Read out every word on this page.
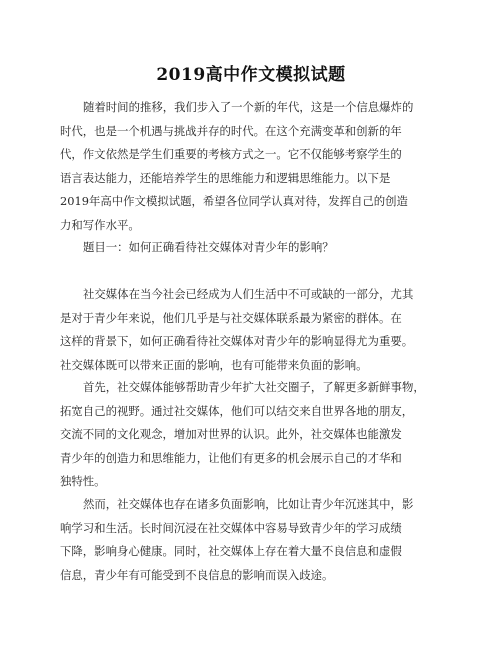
2019高中作文模拟试题
随着时间的推移，我们步入了一个新的年代，这是一个信息爆炸的
时代，也是一个机遇与挑战并存的时代。在这个充满变革和创新的年
代，作文依然是学生们重要的考核方式之一。它不仅能够考察学生的
语言表达能力，还能培养学生的思维能力和逻辑思维能力。以下是
2019年高中作文模拟试题，希望各位同学认真对待，发挥自己的创造
力和写作水平。
题目一：如何正确看待社交媒体对青少年的影响？
社交媒体在当今社会已经成为人们生活中不可或缺的一部分，尤其
是对于青少年来说，他们几乎是与社交媒体联系最为紧密的群体。在
这样的背景下，如何正确看待社交媒体对青少年的影响显得尤为重要。
社交媒体既可以带来正面的影响，也有可能带来负面的影响。
首先，社交媒体能够帮助青少年扩大社交圈子，了解更多新鲜事物，
拓宽自己的视野。通过社交媒体，他们可以结交来自世界各地的朋友，
交流不同的文化观念，增加对世界的认识。此外，社交媒体也能激发
青少年的创造力和思维能力，让他们有更多的机会展示自己的才华和
独特性。
然而，社交媒体也存在诸多负面影响，比如让青少年沉迷其中，影
响学习和生活。长时间沉浸在社交媒体中容易导致青少年的学习成绩
下降，影响身心健康。同时，社交媒体上存在着大量不良信息和虚假
信息，青少年有可能受到不良信息的影响而误入歧途。
